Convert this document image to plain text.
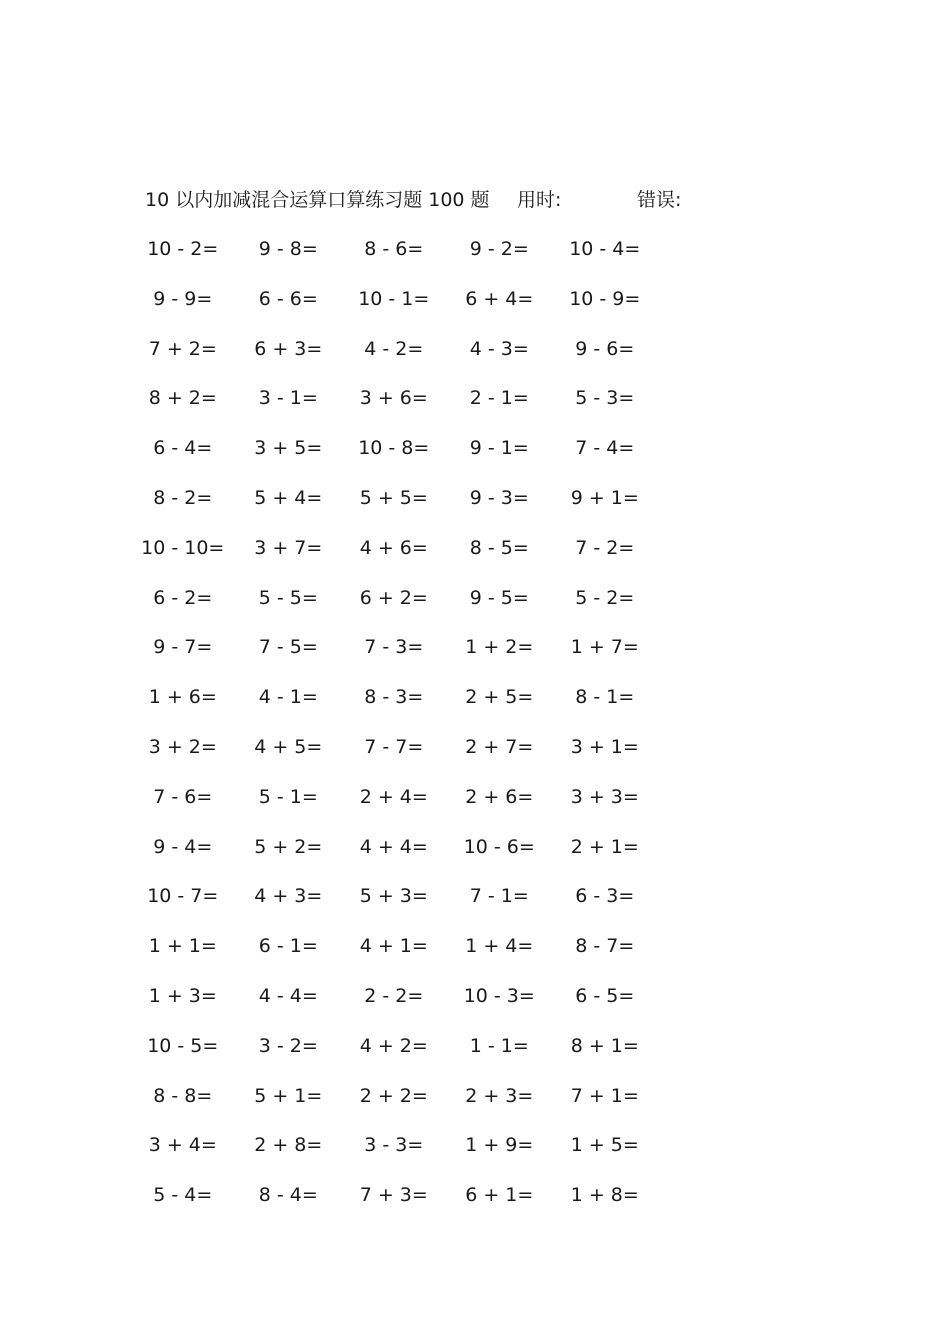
10 以内加减混合运算口算练习题 100 题 用时:	错误:
10 - 2=	9 - 8=	8 - 6=	9 - 2=	10 - 4=
9 - 9=	6 - 6=	10 - 1=	6 + 4=	10 - 9=
7 + 2=	6 + 3=	4 - 2=	4 - 3=	9 - 6=
8 + 2=	3 - 1=	3 + 6=	2 - 1=	5 - 3=
6 - 4=	3 + 5=	10 - 8=	9 - 1=	7 - 4=
8 - 2=	5 + 4=	5 + 5=	9 - 3=	9 + 1=
10 - 10=	3 + 7=	4 + 6=	8 - 5=	7 - 2=
6 - 2=	5 - 5=	6 + 2=	9 - 5=	5 - 2=
9 - 7=	7 - 5=	7 - 3=	1 + 2=	1 + 7=
1 + 6=	4 - 1=	8 - 3=	2 + 5=	8 - 1=
3 + 2=	4 + 5=	7 - 7=	2 + 7=	3 + 1=
7 - 6=	5 - 1=	2 + 4=	2 + 6=	3 + 3=
9 - 4=	5 + 2=	4 + 4=	10 - 6=	2 + 1=
10 - 7=	4 + 3=	5 + 3=	7 - 1=	6 - 3=
1 + 1=	6 - 1=	4 + 1=	1 + 4=	8 - 7=
1 + 3=	4 - 4=	2 - 2=	10 - 3=	6 - 5=
10 - 5=	3 - 2=	4 + 2=	1 - 1=	8 + 1=
8 - 8=	5 + 1=	2 + 2=	2 + 3=	7 + 1=
3 + 4=	2 + 8=	3 - 3=	1 + 9=	1 + 5=
5 - 4=	8 - 4=	7 + 3=	6 + 1=	1 + 8=
